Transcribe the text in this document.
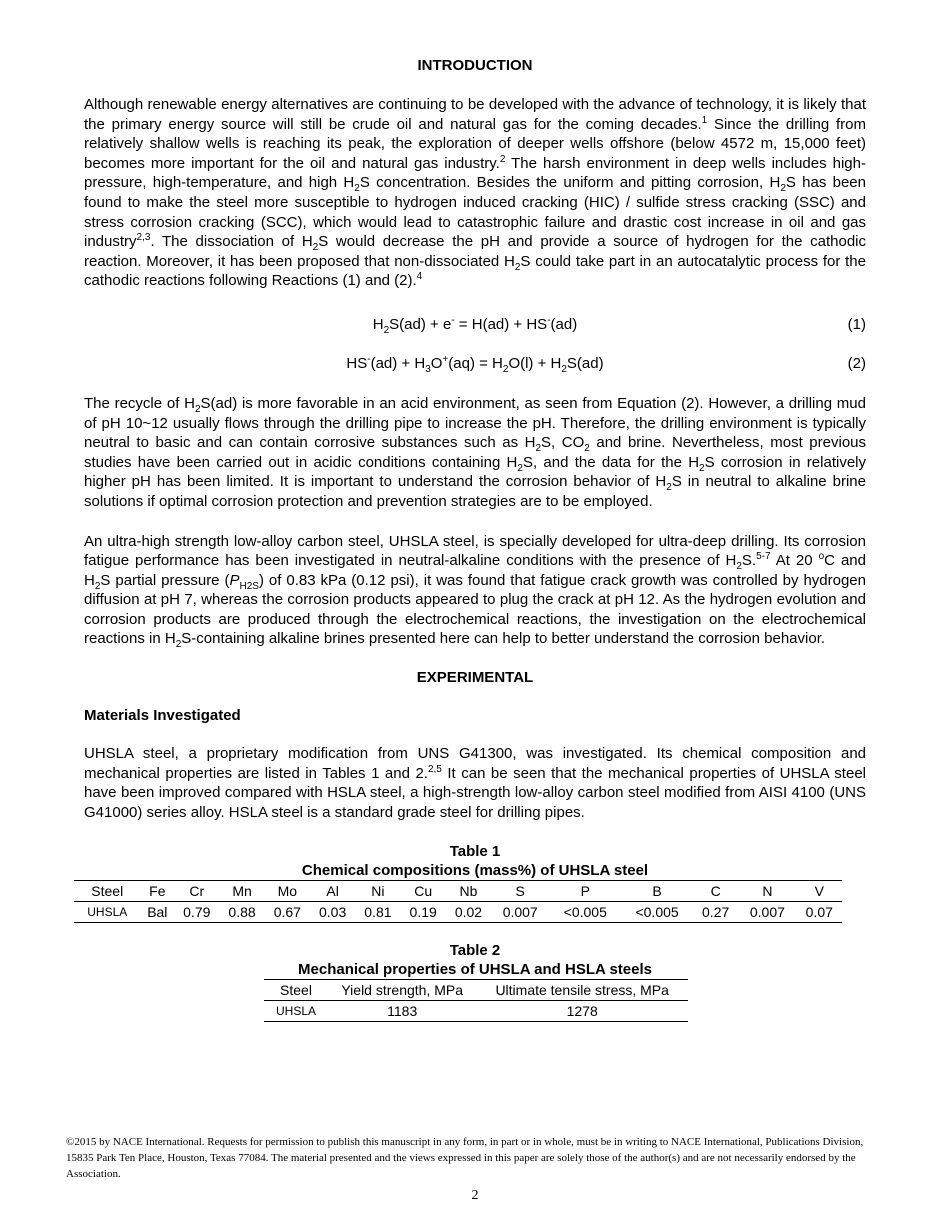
INTRODUCTION

Although renewable energy alternatives are continuing to be developed with the advance of technology, it is likely that the primary energy source will still be crude oil and natural gas for the coming decades.$^1$ Since the drilling from relatively shallow wells is reaching its peak, the exploration of deeper wells offshore (below 4572 m, 15,000 feet) becomes more important for the oil and natural gas industry.$^2$ The harsh environment in deep wells includes high-pressure, high-temperature, and high $H_2S$ concentration. Besides the uniform and pitting corrosion, $H_2S$ has been found to make the steel more susceptible to hydrogen induced cracking (HIC) / sulfide stress cracking (SSC) and stress corrosion cracking (SCC), which would lead to catastrophic failure and drastic cost increase in oil and gas industry$^{2,3}$. The dissociation of $H_2S$ would decrease the pH and provide a source of hydrogen for the cathodic reaction. Moreover, it has been proposed that non-dissociated $H_2S$ could take part in an autocatalytic process for the cathodic reactions following Reactions (1) and (2).$^4$

$H_2S(ad) + e^- = H(ad) + HS^-(ad)$	(1)
$HS^-(ad) + H_3O^+(aq) = H_2O(l) + H_2S(ad)$	(2)

The recycle of $H_2S(ad)$ is more favorable in an acid environment, as seen from Equation (2). However, a drilling mud of pH 10~12 usually flows through the drilling pipe to increase the pH. Therefore, the drilling environment is typically neutral to basic and can contain corrosive substances such as $H_2S$, $CO_2$ and brine. Nevertheless, most previous studies have been carried out in acidic conditions containing $H_2S$, and the data for the $H_2S$ corrosion in relatively higher pH has been limited. It is important to understand the corrosion behavior of $H_2S$ in neutral to alkaline brine solutions if optimal corrosion protection and prevention strategies are to be employed.

An ultra-high strength low-alloy carbon steel, UHSLA steel, is specially developed for ultra-deep drilling. Its corrosion fatigue performance has been investigated in neutral-alkaline conditions with the presence of $H_2S.^{5-7}$ At 20 $^o$C and $H_2S$ partial pressure $(P_{H2S})$ of 0.83 kPa (0.12 psi), it was found that fatigue crack growth was controlled by hydrogen diffusion at pH 7, whereas the corrosion products appeared to plug the crack at pH 12. As the hydrogen evolution and corrosion products are produced through the electrochemical reactions, the investigation on the electrochemical reactions in $H_2S$-containing alkaline brines presented here can help to better understand the corrosion behavior.

EXPERIMENTAL

Materials Investigated

UHSLA steel, a proprietary modification from UNS G41300, was investigated. Its chemical composition and mechanical properties are listed in Tables 1 and 2.$^{2,5}$ It can be seen that the mechanical properties of UHSLA steel have been improved compared with HSLA steel, a high-strength low-alloy carbon steel modified from AISI 4100 (UNS G41000) series alloy. HSLA steel is a standard grade steel for drilling pipes.

Table 1

Chemical compositions (mass%) of UHSLA steel

Steel	Fe	Cr	Mn	Mo	Al	Ni	Cu	Nb	S	P	B	C	N	V
UHSLA	Bal	0.79	0.88	0.67	0.03	0.81	0.19	0.02	0.007	<0.005	<0.005	0.27	0.007	0.07

Table 2

Mechanical properties of UHSLA and HSLA steels

Steel	Yield strength, MPa	Ultimate tensile stress, MPa
UHSLA	1183	1278
©2015 by NACE International. Requests for permission to publish this manuscript in any form, in part or in whole, must be in writing to NACE International, Publications Division, 15835 Park Ten Place, Houston, Texas 77084. The material presented and the views expressed in this paper are solely those of the author(s) and are not necessarily endorsed by the Association.
2
